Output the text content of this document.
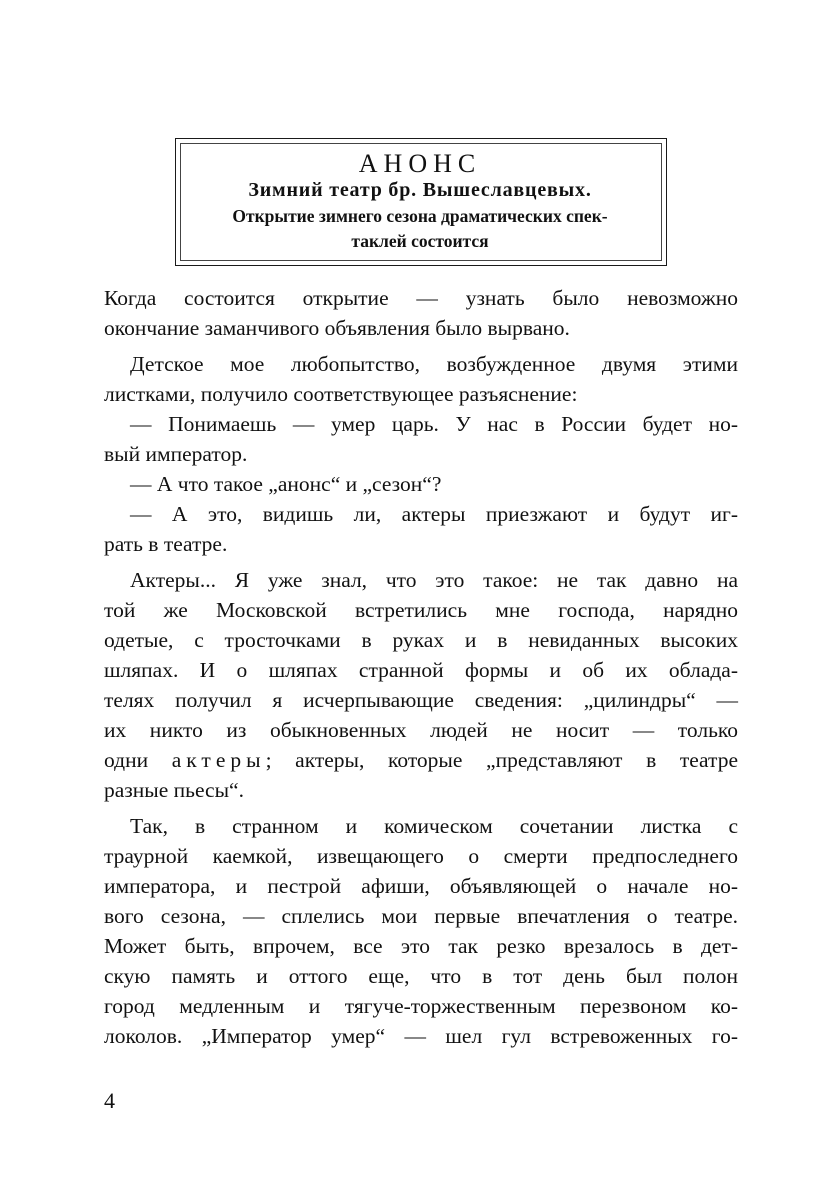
АНОНС
Зимний театр бр. Вышеславцевых.
Открытие зимнего сезона драматических спек-
таклей состоится
Когда состоится открытие — узнать было невозможно
окончание заманчивого объявления было вырвано.
Детское мое любопытство, возбужденное двумя этими
листками, получило соответствующее разъяснение:
— Понимаешь — умер царь. У нас в России будет но-
вый император.
— А что такое „анонс“ и „сезон“?
— А это, видишь ли, актеры приезжают и будут иг-
рать в театре.
Актеры... Я уже знал, что это такое: не так давно на
той же Московской встретились мне господа, нарядно
одетые, с тросточками в руках и в невиданных высоких
шляпах. И о шляпах странной формы и об их облада-
телях получил я исчерпывающие сведения: „цилиндры“ —
их никто из обыкновенных людей не носит — только
одни актеры; актеры, которые „представляют в театре
разные пьесы“.
Так, в странном и комическом сочетании листка с
траурной каемкой, извещающего о смерти предпоследнего
императора, и пестрой афиши, объявляющей о начале но-
вого сезона, — сплелись мои первые впечатления о театре.
Может быть, впрочем, все это так резко врезалось в дет-
скую память и оттого еще, что в тот день был полон
город медленным и тягуче-торжественным перезвоном ко-
локолов. „Император умер“ — шел гул встревоженных го-
4
